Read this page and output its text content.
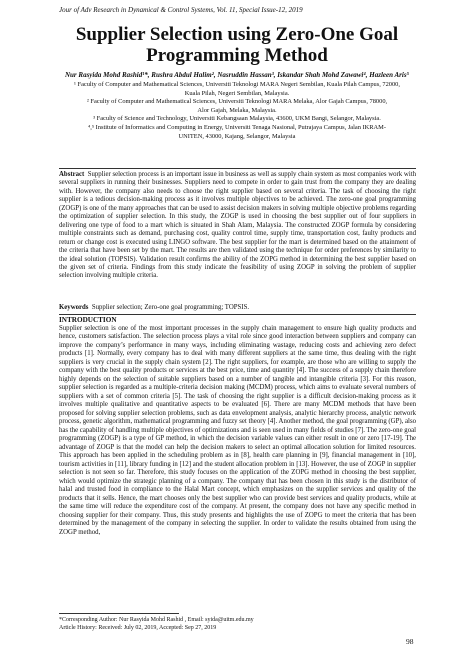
Jour of Adv Research in Dynamical & Control Systems, Vol. 11, Special Issue-12, 2019
Supplier Selection using Zero-One Goal Programming Method
Nur Rasyida Mohd Rashid¹*, Rushra Abdul Halim², Nasruddin Hassan³, Iskandar Shah Mohd Zawawi⁴, Hazleen Aris⁵
¹ Faculty of Computer and Mathematical Sciences, Universiti Teknologi MARA Negeri Sembilan, Kuala Pilah Campus, 72000,
Kuala Pilah, Negeri Sembilan, Malaysia.
² Faculty of Computer and Mathematical Sciences, Universiti Teknologi MARA Melaka, Alor Gajah Campus, 78000,
Alor Gajah, Melaka, Malaysia.
³ Faculty of Science and Technology, Universiti Kebangsaan Malaysia, 43600, UKM Bangi, Selangor, Malaysia.
⁴,⁵ Institute of Informatics and Computing in Energy, Universiti Tenaga Nasional, Putrajaya Campus, Jalan IKRAM-
UNITEN, 43000, Kajang, Selangor, Malaysia

Abstract Supplier selection process is an important issue in business as well as supply chain system as most companies work with several suppliers in running their businesses. Suppliers need to compete in order to gain trust from the company they are dealing with. However, the company also needs to choose the right supplier based on several criteria. The task of choosing the right supplier is a tedious decision-making process as it involves multiple objectives to be achieved. The zero-one goal programming (ZOGP) is one of the many approaches that can be used to assist decision makers in solving multiple objective problems regarding the optimization of supplier selection. In this study, the ZOGP is used in choosing the best supplier out of four suppliers in delivering one type of food to a mart which is situated in Shah Alam, Malaysia. The constructed ZOGP formula by considering multiple constraints such as demand, purchasing cost, quality control time, supply time, transportation cost, faulty products and return or change cost is executed using LINGO software. The best supplier for the mart is determined based on the attainment of the criteria that have been set by the mart. The results are then validated using the technique for order preferences by similarity to the ideal solution (TOPSIS). Validation result confirms the ability of the ZOPG method in determining the best supplier based on the given set of criteria. Findings from this study indicate the feasibility of using ZOGP in solving the problem of supplier selection involving multiple criteria.

Keywords Supplier selection; Zero-one goal programming; TOPSIS.

INTRODUCTION

Supplier selection is one of the most important processes in the supply chain management to ensure high quality products and hence, customers satisfaction. The selection process plays a vital role since good interaction between suppliers and company can improve the company’s performance in many ways, including eliminating wastage, reducing costs and achieving zero defect products [1]. Normally, every company has to deal with many different suppliers at the same time, thus dealing with the right suppliers is very crucial in the supply chain system [2]. The right suppliers, for example, are those who are willing to supply the company with the best quality products or services at the best price, time and quantity [4]. The success of a supply chain therefore highly depends on the selection of suitable suppliers based on a number of tangible and intangible criteria [3]. For this reason, supplier selection is regarded as a multiple-criteria decision making (MCDM) process, which aims to evaluate several numbers of suppliers with a set of common criteria [5]. The task of choosing the right supplier is a difficult decision-making process as it involves multiple qualitative and quantitative aspects to be evaluated [6]. There are many MCDM methods that have been proposed for solving supplier selection problems, such as data envelopment analysis, analytic hierarchy process, analytic network process, genetic algorithm, mathematical programming and fuzzy set theory [4]. Another method, the goal programming (GP), also has the capability of handling multiple objectives of optimizations and is seen used in many fields of studies [7]. The zero-one goal programming (ZOGP) is a type of GP method, in which the decision variable values can either result in one or zero [17-19]. The advantage of ZOGP is that the model can help the decision makers to select an optimal allocation solution for limited resources. This approach has been applied in the scheduling problem as in [8], health care planning in [9], financial management in [10], tourism activities in [11], library funding in [12] and the student allocation problem in [13]. However, the use of ZOGP in supplier selection is not seen so far. Therefore, this study focuses on the application of the ZOPG method in choosing the best supplier, which would optimize the strategic planning of a company. The company that has been chosen in this study is the distributor of halal and trusted food in compliance to the Halal Mart concept, which emphasizes on the supplier services and quality of the products that it sells. Hence, the mart chooses only the best supplier who can provide best services and quality products, while at the same time will reduce the expenditure cost of the company. At present, the company does not have any specific method in choosing supplier for their company. Thus, this study presents and highlights the use of ZOPG to meet the criteria that has been determined by the management of the company in selecting the supplier. In order to validate the results obtained from using the ZOGP method,

*Corresponding Author: Nur Rasyida Mohd Rashid , Email: syida@uitm.edu.my
Article History: Received: July 02, 2019, Accepted: Sep 27, 2019
98
